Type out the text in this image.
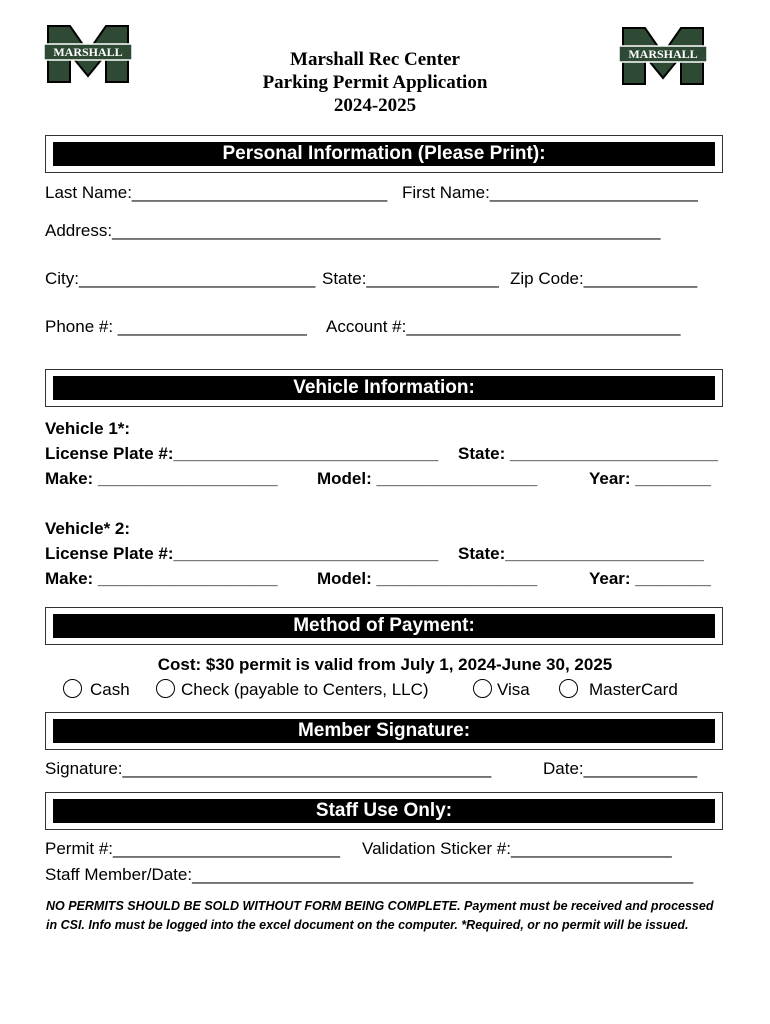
MARSHALL	MARSHALL
Marshall Rec Center
Parking Permit Application
2024-2025
Personal Information (Please Print):
Last Name:___________________________ First Name:______________________
Address:__________________________________________________________
City:_________________________ State:______________ Zip Code:____________
Phone #: ____________________ Account #:_____________________________
Vehicle Information:
Vehicle 1*:
License Plate #:____________________________ State: ______________________
Make: ___________________ Model: _________________	Year: ________
Vehicle* 2:
License Plate #:____________________________ State:_____________________
Make: ___________________ Model: _________________	Year: ________
Method of Payment:
Cost: $30 permit is valid from July 1, 2024-June 30, 2025
Cash	Check (payable to Centers, LLC)	Visa	MasterCard
Member Signature:
Signature:_______________________________________	Date:____________
Staff Use Only:
Permit #:________________________ Validation Sticker #:_________________
Staff Member/Date:_____________________________________________________
NO PERMITS SHOULD BE SOLD WITHOUT FORM BEING COMPLETE. Payment must be received and processed
in CSI. Info must be logged into the excel document on the computer. *Required, or no permit will be issued.
